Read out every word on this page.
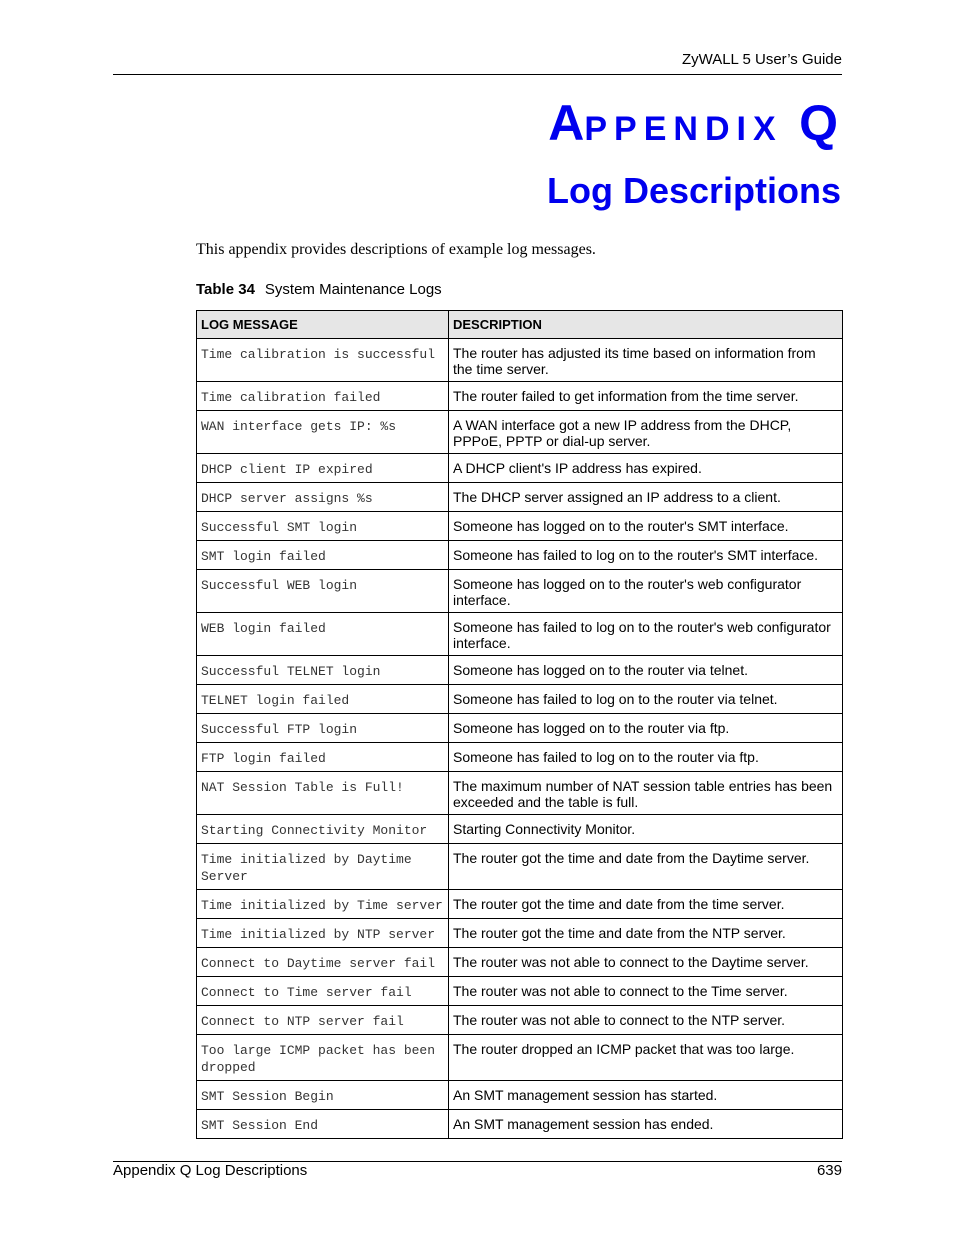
ZyWALL 5 User’s Guide
APPENDIX Q
Log Descriptions
This appendix provides descriptions of example log messages.
Table 34 System Maintenance Logs
LOG MESSAGE	DESCRIPTION
Time calibration is successful	The router has adjusted its time based on information from the time server.
Time calibration failed	The router failed to get information from the time server.
WAN interface gets IP: %s	A WAN interface got a new IP address from the DHCP, PPPoE, PPTP or dial-up server.
DHCP client IP expired	A DHCP client's IP address has expired.
DHCP server assigns %s	The DHCP server assigned an IP address to a client.
Successful SMT login	Someone has logged on to the router's SMT interface.
SMT login failed	Someone has failed to log on to the router's SMT interface.
Successful WEB login	Someone has logged on to the router's web configurator interface.
WEB login failed	Someone has failed to log on to the router's web configurator interface.
Successful TELNET login	Someone has logged on to the router via telnet.
TELNET login failed	Someone has failed to log on to the router via telnet.
Successful FTP login	Someone has logged on to the router via ftp.
FTP login failed	Someone has failed to log on to the router via ftp.
NAT Session Table is Full!	The maximum number of NAT session table entries has been exceeded and the table is full.
Starting Connectivity Monitor	Starting Connectivity Monitor.
Time initialized by Daytime Server	The router got the time and date from the Daytime server.
Time initialized by Time server	The router got the time and date from the time server.
Time initialized by NTP server	The router got the time and date from the NTP server.
Connect to Daytime server fail	The router was not able to connect to the Daytime server.
Connect to Time server fail	The router was not able to connect to the Time server.
Connect to NTP server fail	The router was not able to connect to the NTP server.
Too large ICMP packet has been dropped	The router dropped an ICMP packet that was too large.
SMT Session Begin	An SMT management session has started.
SMT Session End	An SMT management session has ended.
Appendix Q Log Descriptions	639
